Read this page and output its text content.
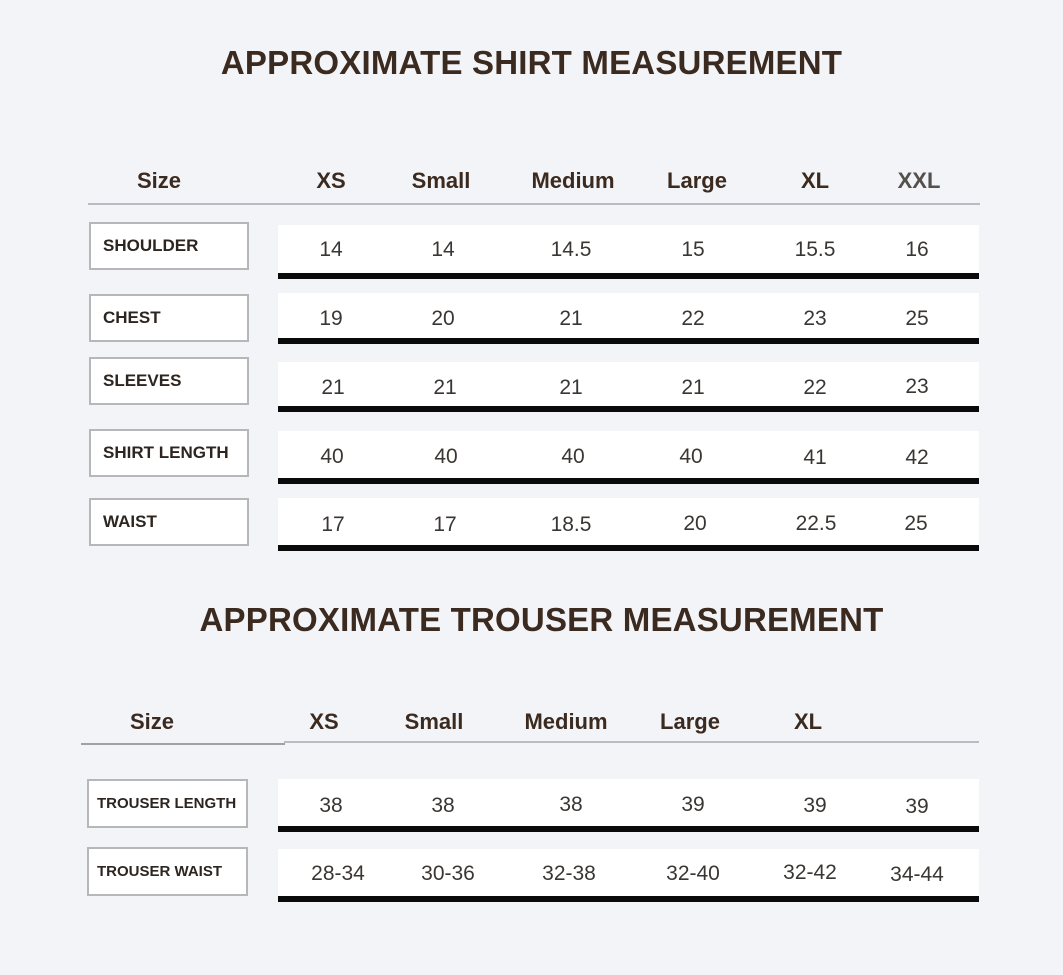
APPROXIMATE SHIRT MEASUREMENT
Size	XS	Small	Medium	Large	XL	XXL
SHOULDER	14	14	14.5	15	15.5	16
CHEST	19	20	21	22	23	25
SLEEVES	21	21	21	21	22	23
SHIRT LENGTH	40	40	40	40	41	42
WAIST	17	17	18.5	20	22.5	25
APPROXIMATE TROUSER MEASUREMENT
Size	XS	Small	Medium	Large	XL
TROUSER LENGTH	38	38	38	39	39	39
TROUSER WAIST	28-34	30-36	32-38	32-40	32-42	34-44
